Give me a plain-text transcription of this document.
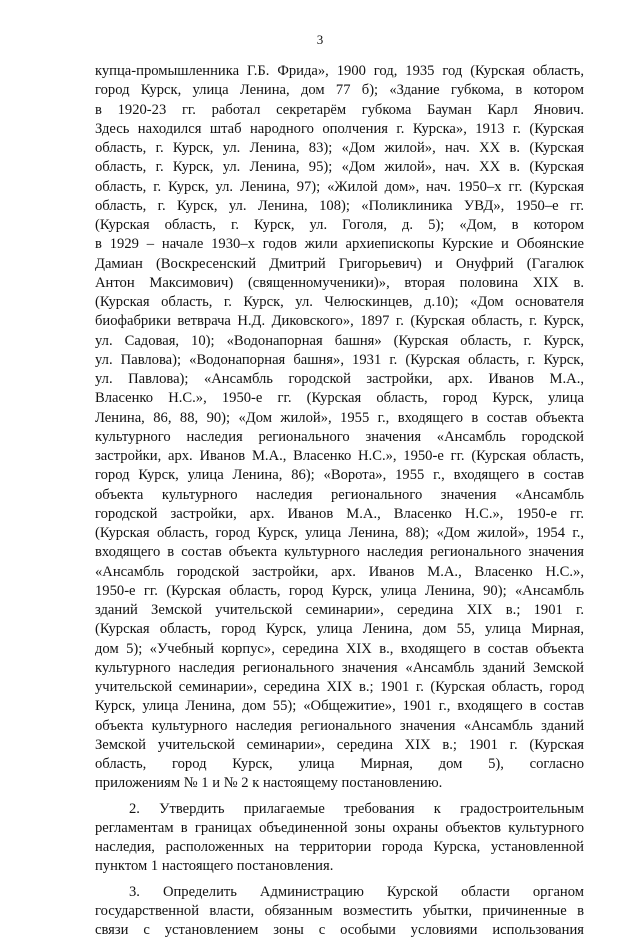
3
купца-промышленника Г.Б. Фрида», 1900 год, 1935 год (Курская область,
город Курск, улица Ленина, дом 77 б); «Здание губкома, в котором
в 1920-23 гг. работал секретарём губкома Бауман Карл Янович.
Здесь находился штаб народного ополчения г. Курска», 1913 г. (Курская
область, г. Курск, ул. Ленина, 83); «Дом жилой», нач. XX в. (Курская
область, г. Курск, ул. Ленина, 95); «Дом жилой», нач. XX в. (Курская
область, г. Курск, ул. Ленина, 97); «Жилой дом», нач. 1950–х гг. (Курская
область, г. Курск, ул. Ленина, 108); «Поликлиника УВД», 1950–е гг.
(Курская область, г. Курск, ул. Гоголя, д. 5); «Дом, в котором
в 1929 – начале 1930–х годов жили архиепископы Курские и Обоянские
Дамиан (Воскресенский Дмитрий Григорьевич) и Онуфрий (Гагалюк
Антон Максимович) (священномученики)», вторая половина XIX в.
(Курская область, г. Курск, ул. Челюскинцев, д.10); «Дом основателя
биофабрики ветврача Н.Д. Диковского», 1897 г. (Курская область, г. Курск,
ул. Садовая, 10); «Водонапорная башня» (Курская область, г. Курск,
ул. Павлова); «Водонапорная башня», 1931 г. (Курская область, г. Курск,
ул. Павлова); «Ансамбль городской застройки, арх. Иванов М.А.,
Власенко Н.С.», 1950-е гг. (Курская область, город Курск, улица
Ленина, 86, 88, 90); «Дом жилой», 1955 г., входящего в состав объекта
культурного наследия регионального значения «Ансамбль городской
застройки, арх. Иванов М.А., Власенко Н.С.», 1950-е гг. (Курская область,
город Курск, улица Ленина, 86); «Ворота», 1955 г., входящего в состав
объекта культурного наследия регионального значения «Ансамбль
городской застройки, арх. Иванов М.А., Власенко Н.С.», 1950-е гг.
(Курская область, город Курск, улица Ленина, 88); «Дом жилой», 1954 г.,
входящего в состав объекта культурного наследия регионального значения
«Ансамбль городской застройки, арх. Иванов М.А., Власенко Н.С.»,
1950-е гг. (Курская область, город Курск, улица Ленина, 90); «Ансамбль
зданий Земской учительской семинарии», середина XIX в.; 1901 г.
(Курская область, город Курск, улица Ленина, дом 55, улица Мирная,
дом 5); «Учебный корпус», середина XIX в., входящего в состав объекта
культурного наследия регионального значения «Ансамбль зданий Земской
учительской семинарии», середина XIX в.; 1901 г. (Курская область, город
Курск, улица Ленина, дом 55); «Общежитие», 1901 г., входящего в состав
объекта культурного наследия регионального значения «Ансамбль зданий
Земской учительской семинарии», середина XIX в.; 1901 г. (Курская
область, город Курск, улица Мирная, дом 5), согласно
приложениям № 1 и № 2 к настоящему постановлению.
2. Утвердить прилагаемые требования к градостроительным
регламентам в границах объединенной зоны охраны объектов культурного
наследия, расположенных на территории города Курска, установленной
пунктом 1 настоящего постановления.
3. Определить Администрацию Курской области органом
государственной власти, обязанным возместить убытки, причиненные в
связи с установлением зоны с особыми условиями использования
